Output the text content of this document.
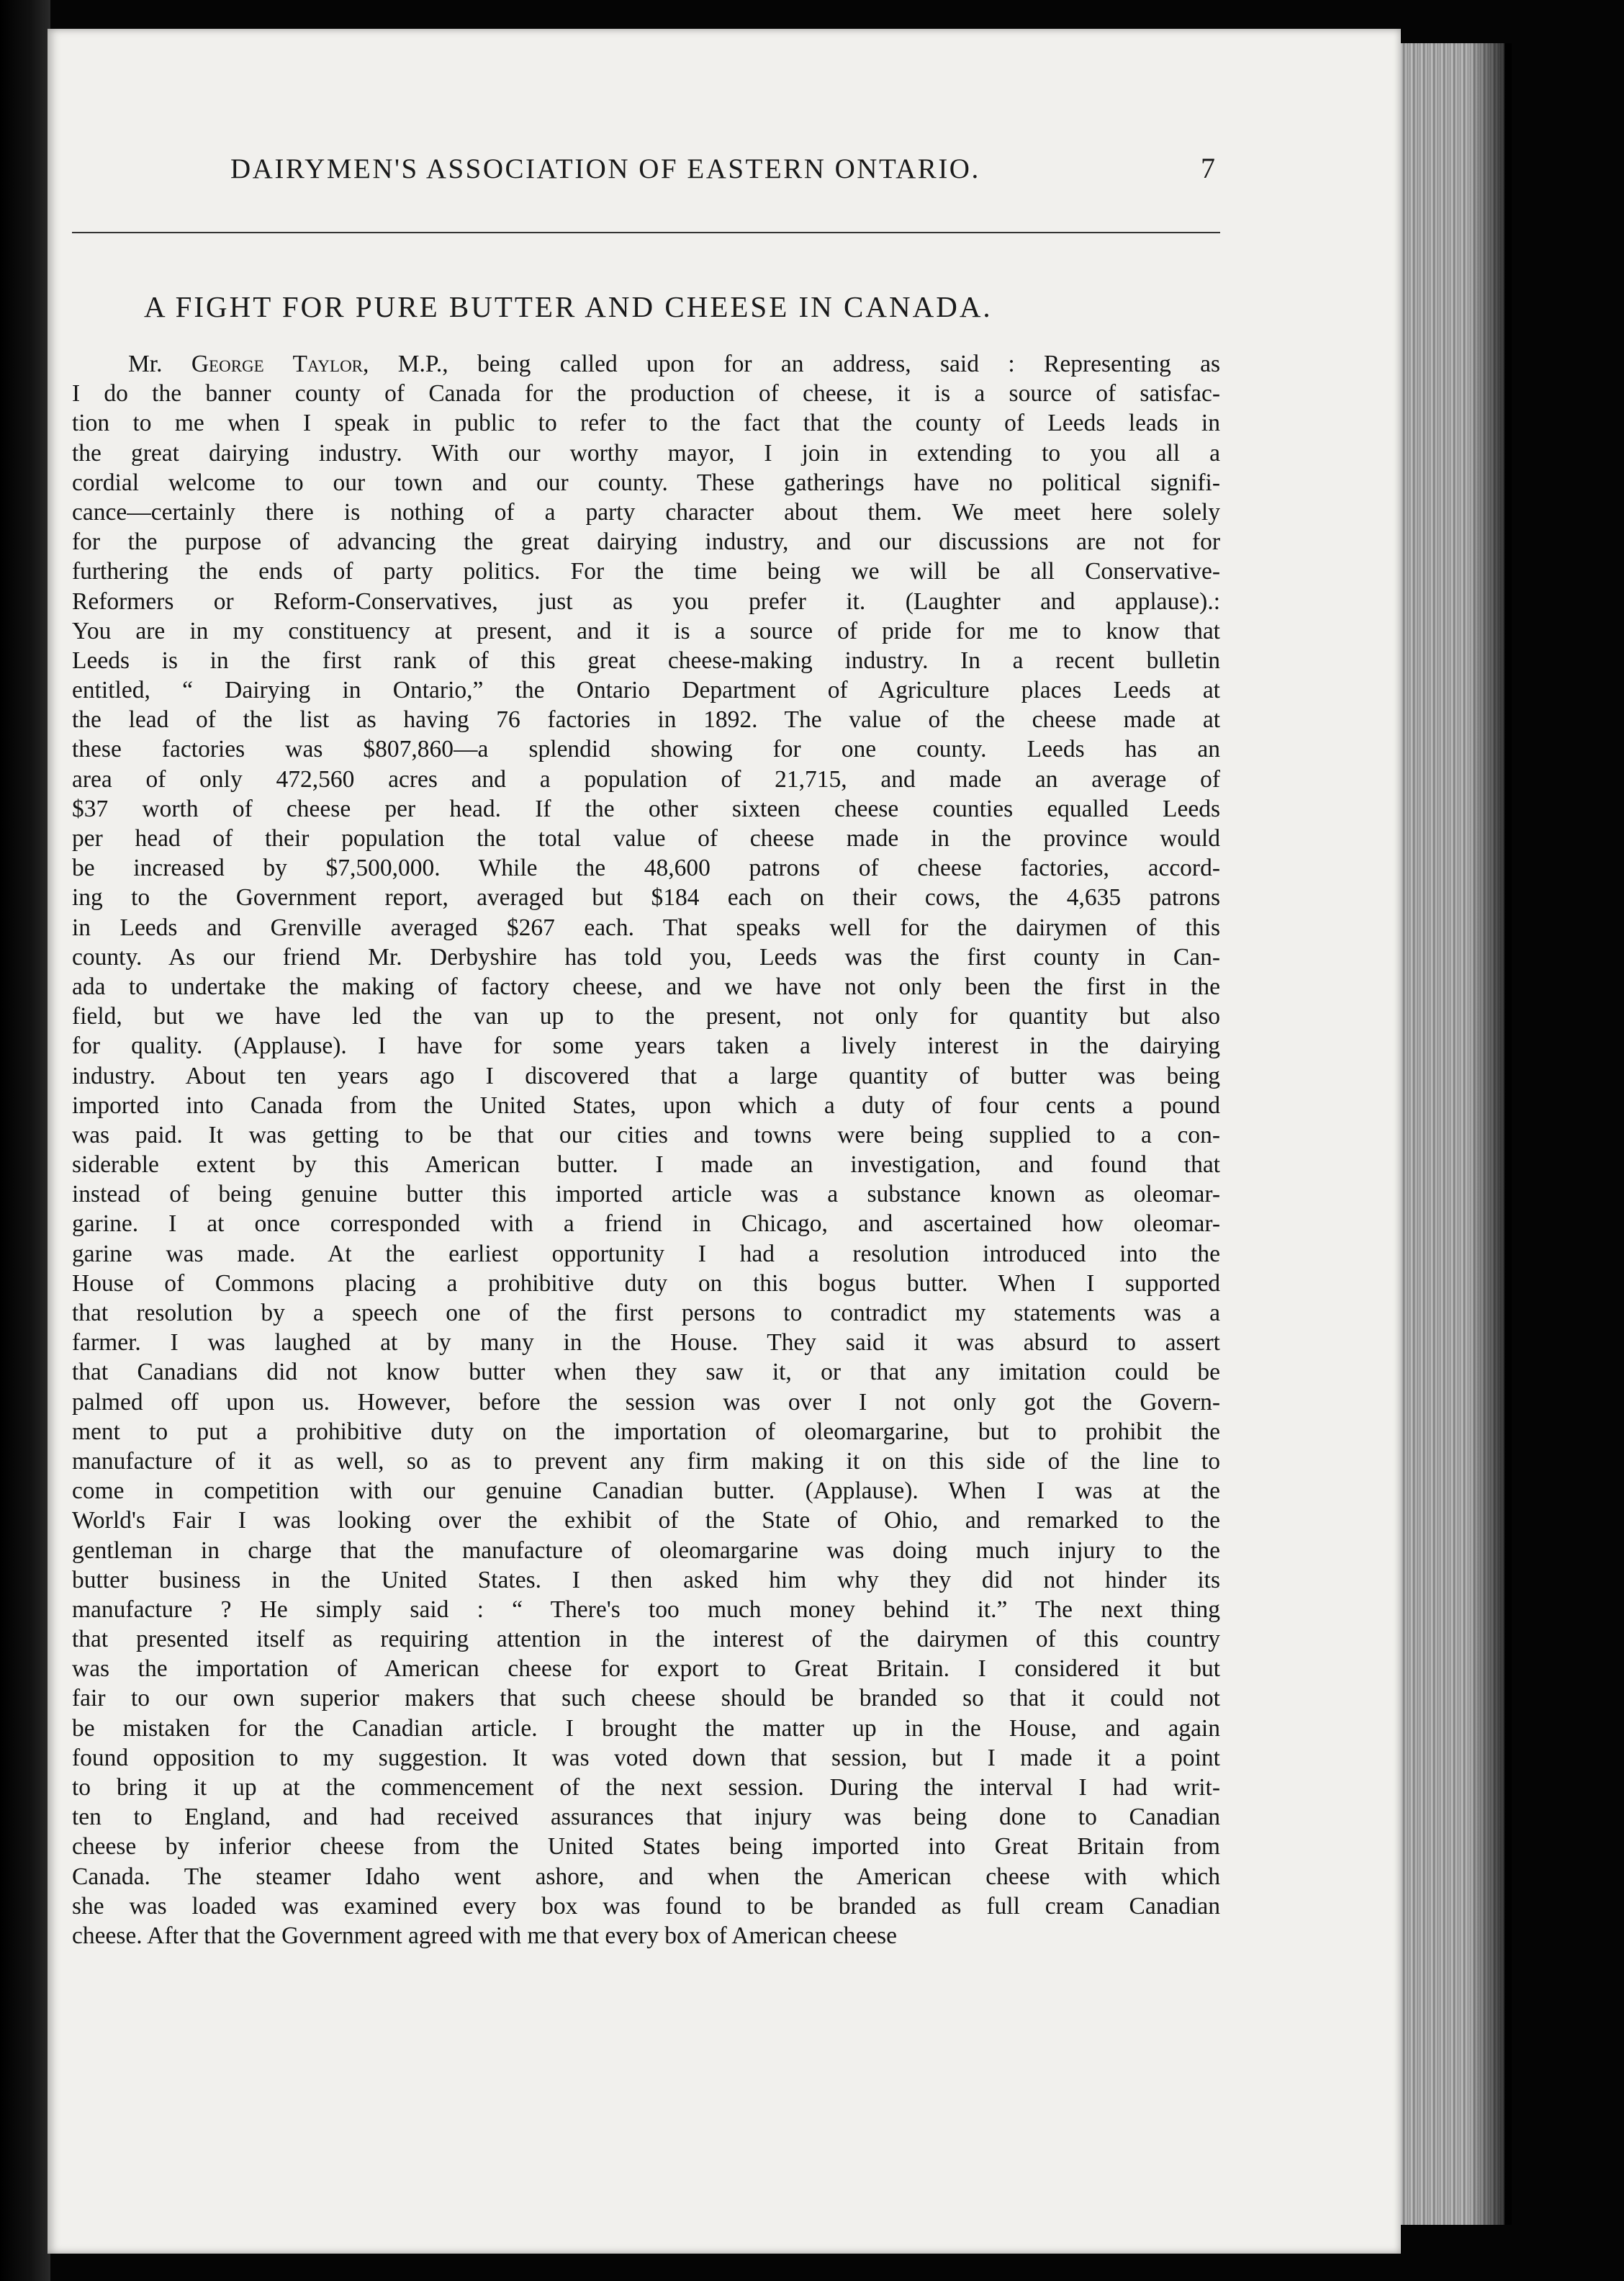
DAIRYMEN'S ASSOCIATION OF EASTERN ONTARIO.	7
A FIGHT FOR PURE BUTTER AND CHEESE IN CANADA.
Mr. George Taylor, M.P., being called upon for an address, said : Representing as
I do the banner county of Canada for the production of cheese, it is a source of satisfac-
tion to me when I speak in public to refer to the fact that the county of Leeds leads in
the great dairying industry. With our worthy mayor, I join in extending to you all a
cordial welcome to our town and our county. These gatherings have no political signifi-
cance—certainly there is nothing of a party character about them. We meet here solely
for the purpose of advancing the great dairying industry, and our discussions are not for
furthering the ends of party politics. For the time being we will be all Conservative-
Reformers or Reform-Conservatives, just as you prefer it. (Laughter and applause).:
You are in my constituency at present, and it is a source of pride for me to know that
Leeds is in the first rank of this great cheese-making industry. In a recent bulletin
entitled, “ Dairying in Ontario,” the Ontario Department of Agriculture places Leeds at
the lead of the list as having 76 factories in 1892. The value of the cheese made at
these factories was $807,860—a splendid showing for one county. Leeds has an
area of only 472,560 acres and a population of 21,715, and made an average of
$37 worth of cheese per head. If the other sixteen cheese counties equalled Leeds
per head of their population the total value of cheese made in the province would
be increased by $7,500,000. While the 48,600 patrons of cheese factories, accord-
ing to the Government report, averaged but $184 each on their cows, the 4,635 patrons
in Leeds and Grenville averaged $267 each. That speaks well for the dairymen of this
county. As our friend Mr. Derbyshire has told you, Leeds was the first county in Can-
ada to undertake the making of factory cheese, and we have not only been the first in the
field, but we have led the van up to the present, not only for quantity but also
for quality. (Applause). I have for some years taken a lively interest in the dairying
industry. About ten years ago I discovered that a large quantity of butter was being
imported into Canada from the United States, upon which a duty of four cents a pound
was paid. It was getting to be that our cities and towns were being supplied to a con-
siderable extent by this American butter. I made an investigation, and found that
instead of being genuine butter this imported article was a substance known as oleomar-
garine. I at once corresponded with a friend in Chicago, and ascertained how oleomar-
garine was made. At the earliest opportunity I had a resolution introduced into the
House of Commons placing a prohibitive duty on this bogus butter. When I supported
that resolution by a speech one of the first persons to contradict my statements was a
farmer. I was laughed at by many in the House. They said it was absurd to assert
that Canadians did not know butter when they saw it, or that any imitation could be
palmed off upon us. However, before the session was over I not only got the Govern-
ment to put a prohibitive duty on the importation of oleomargarine, but to prohibit the
manufacture of it as well, so as to prevent any firm making it on this side of the line to
come in competition with our genuine Canadian butter. (Applause). When I was at the
World's Fair I was looking over the exhibit of the State of Ohio, and remarked to the
gentleman in charge that the manufacture of oleomargarine was doing much injury to the
butter business in the United States. I then asked him why they did not hinder its
manufacture ? He simply said : “ There's too much money behind it.” The next thing
that presented itself as requiring attention in the interest of the dairymen of this country
was the importation of American cheese for export to Great Britain. I considered it but
fair to our own superior makers that such cheese should be branded so that it could not
be mistaken for the Canadian article. I brought the matter up in the House, and again
found opposition to my suggestion. It was voted down that session, but I made it a point
to bring it up at the commencement of the next session. During the interval I had writ-
ten to England, and had received assurances that injury was being done to Canadian
cheese by inferior cheese from the United States being imported into Great Britain from
Canada. The steamer Idaho went ashore, and when the American cheese with which
she was loaded was examined every box was found to be branded as full cream Canadian
cheese. After that the Government agreed with me that every box of American cheese
